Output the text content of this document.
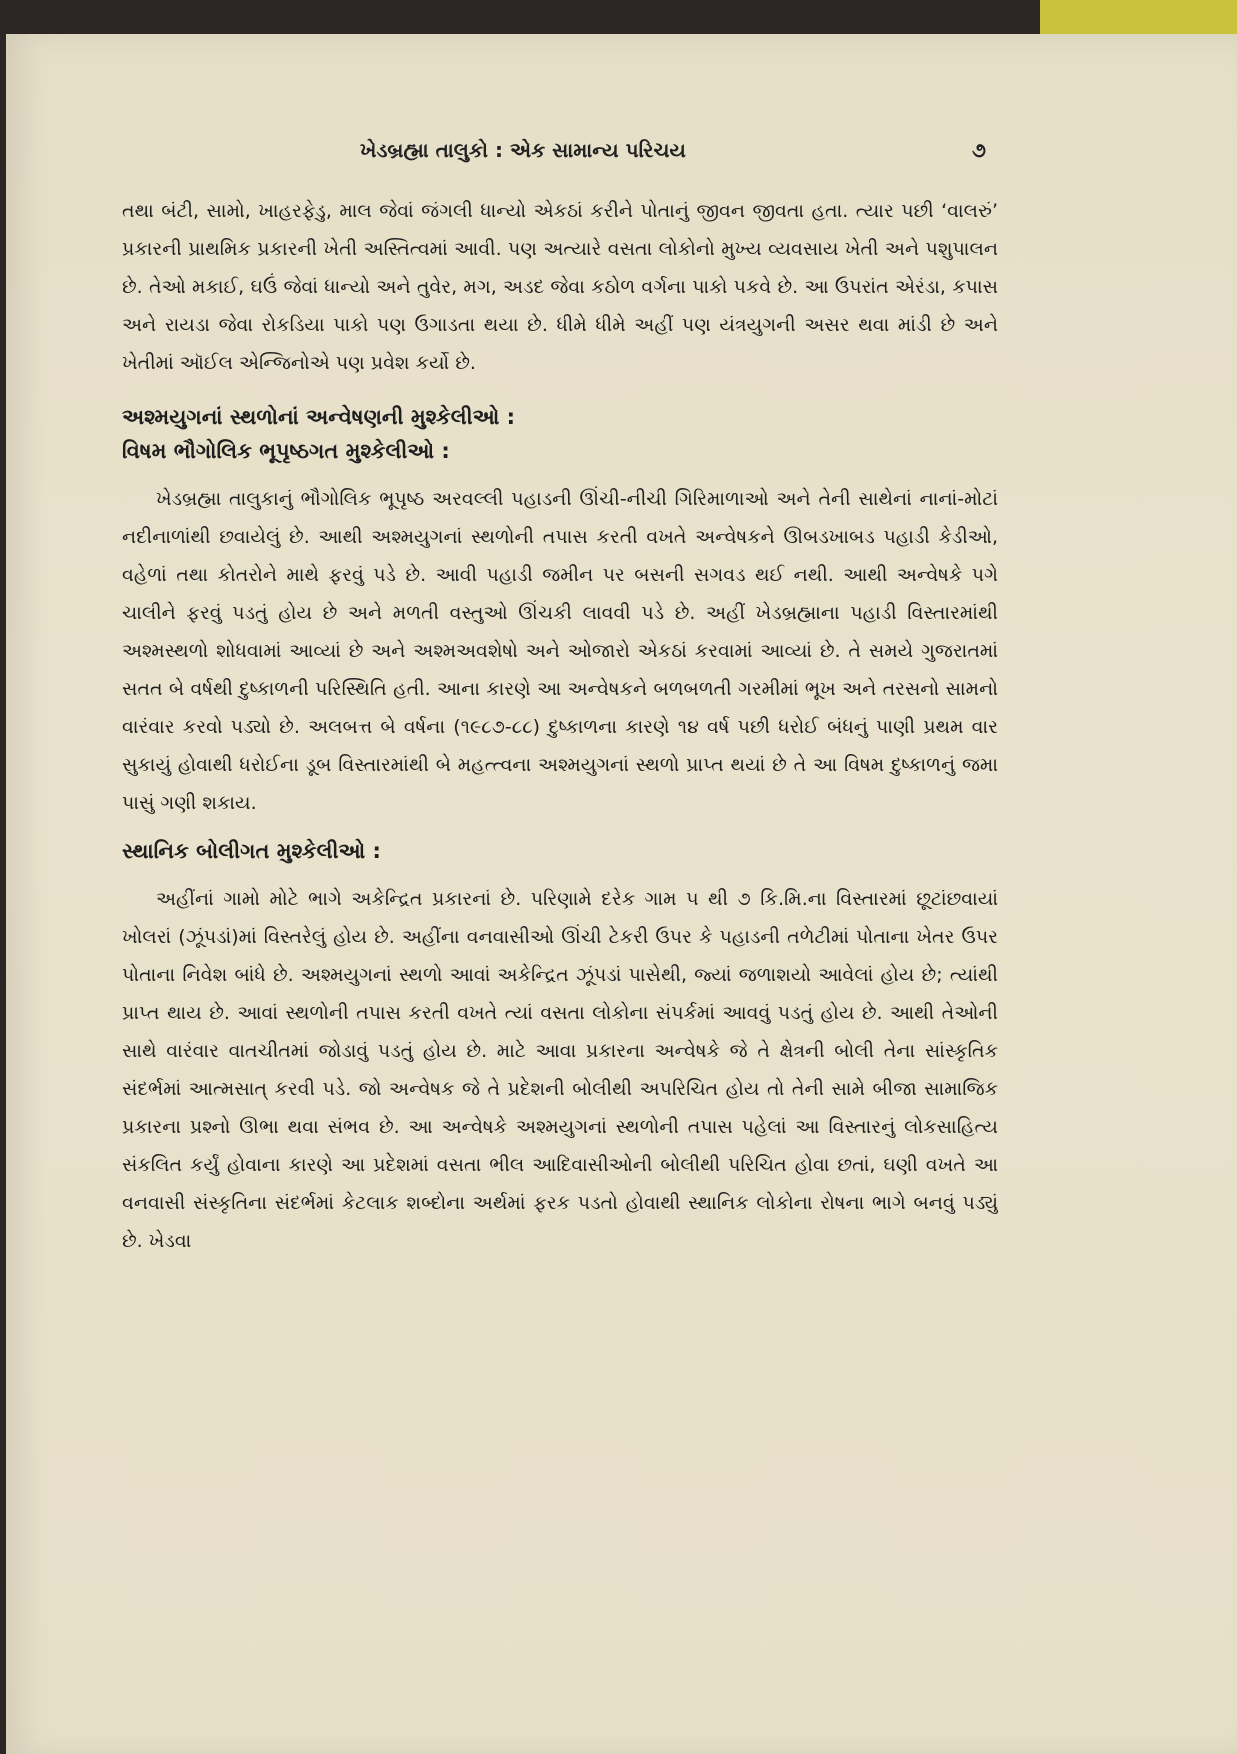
ખેડબ્રહ્મા તાલુકો : એક સામાન્ય પરિચય	૭

તથા બંટી, સામો, ખાહરફેડુ, માલ જેવાં જંગલી ધાન્યો એકઠાં કરીને પોતાનું જીવન જીવતા હતા. ત્યાર પછી ‘વાલરું’ પ્રકારની પ્રાથમિક પ્રકારની ખેતી અસ્તિત્વમાં આવી. પણ અત્યારે વસતા લોકોનો મુખ્ય વ્યવસાય ખેતી અને પશુપાલન છે. તેઓ મકાઈ, ઘઉં જેવાં ધાન્યો અને તુવેર, મગ, અડદ જેવા કઠોળ વર્ગના પાકો પકવે છે. આ ઉપરાંત એરંડા, કપાસ અને રાયડા જેવા રોકડિયા પાકો પણ ઉગાડતા થયા છે. ધીમે ધીમે અહીં પણ યંત્રયુગની અસર થવા માંડી છે અને ખેતીમાં ઑઈલ એન્જિનોએ પણ પ્રવેશ કર્યો છે.

અશ્મયુગનાં સ્થળોનાં અન્વેષણની મુશ્કેલીઓ :

વિષમ ભૌગોલિક ભૂપૃષ્ઠગત મુશ્કેલીઓ :

ખેડબ્રહ્મા તાલુકાનું ભૌગોલિક ભૂપૃષ્ઠ અરવલ્લી પહાડની ઊંચી-નીચી ગિરિમાળાઓ અને તેની સાથેનાં નાનાં-મોટાં નદીનાળાંથી છવાયેલું છે. આથી અશ્મયુગનાં સ્થળોની તપાસ કરતી વખતે અન્વેષકને ઊબડખાબડ પહાડી કેડીઓ, વહેળાં તથા કોતરોને માથે ફરવું પડે છે. આવી પહાડી જમીન પર બસની સગવડ થઈ નથી. આથી અન્વેષકે પગે ચાલીને ફરવું પડતું હોય છે અને મળતી વસ્તુઓ ઊંચકી લાવવી પડે છે. અહીં ખેડબ્રહ્માના પહાડી વિસ્તારમાંથી અશ્મસ્થળો શોધવામાં આવ્યાં છે અને અશ્મઅવશેષો અને ઓજારો એકઠાં કરવામાં આવ્યાં છે. તે સમયે ગુજરાતમાં સતત બે વર્ષથી દુષ્કાળની પરિસ્થિતિ હતી. આના કારણે આ અન્વેષકને બળબળતી ગરમીમાં ભૂખ અને તરસનો સામનો વારંવાર કરવો પડ્યો છે. અલબત્ત બે વર્ષના (૧૯૮૭-૮૮) દુષ્કાળના કારણે ૧૪ વર્ષ પછી ધરોઈ બંધનું પાણી પ્રથમ વાર સુકાયું હોવાથી ધરોઈના ડૂબ વિસ્તારમાંથી બે મહત્ત્વના અશ્મયુગનાં સ્થળો પ્રાપ્ત થયાં છે તે આ વિષમ દુષ્કાળનું જમા પાસું ગણી શકાય.

સ્થાનિક બોલીગત મુશ્કેલીઓ :

અહીંનાં ગામો મોટે ભાગે અકેન્દ્રિત પ્રકારનાં છે. પરિણામે દરેક ગામ ૫ થી ૭ કિ.મિ.ના વિસ્તારમાં છૂટાંછવાયાં ખોલરાં (ઝૂંપડાં)માં વિસ્તરેલું હોય છે. અહીંના વનવાસીઓ ઊંચી ટેકરી ઉપર કે પહાડની તળેટીમાં પોતાના ખેતર ઉપર પોતાના નિવેશ બાંધે છે. અશ્મયુગનાં સ્થળો આવાં અકેન્દ્રિત ઝૂંપડાં પાસેથી, જ્યાં જળાશયો આવેલાં હોય છે; ત્યાંથી પ્રાપ્ત થાય છે. આવાં સ્થળોની તપાસ કરતી વખતે ત્યાં વસતા લોકોના સંપર્કમાં આવવું પડતું હોય છે. આથી તેઓની સાથે વારંવાર વાતચીતમાં જોડાવું પડતું હોય છે. માટે આવા પ્રકારના અન્વેષકે જે તે ક્ષેત્રની બોલી તેના સાંસ્કૃતિક સંદર્ભમાં આત્મસાત્ કરવી પડે. જો અન્વેષક જે તે પ્રદેશની બોલીથી અપરિચિત હોય તો તેની સામે બીજા સામાજિક પ્રકારના પ્રશ્નો ઊભા થવા સંભવ છે. આ અન્વેષકે અશ્મયુગનાં સ્થળોની તપાસ પહેલાં આ વિસ્તારનું લોકસાહિત્ય સંકલિત કર્યું હોવાના કારણે આ પ્રદેશમાં વસતા ભીલ આદિવાસીઓની બોલીથી પરિચિત હોવા છતાં, ઘણી વખતે આ વનવાસી સંસ્કૃતિના સંદર્ભમાં કેટલાક શબ્દોના અર્થમાં ફરક પડતો હોવાથી સ્થાનિક લોકોના રોષના ભાગે બનવું પડ્યું છે. ખેડવા
